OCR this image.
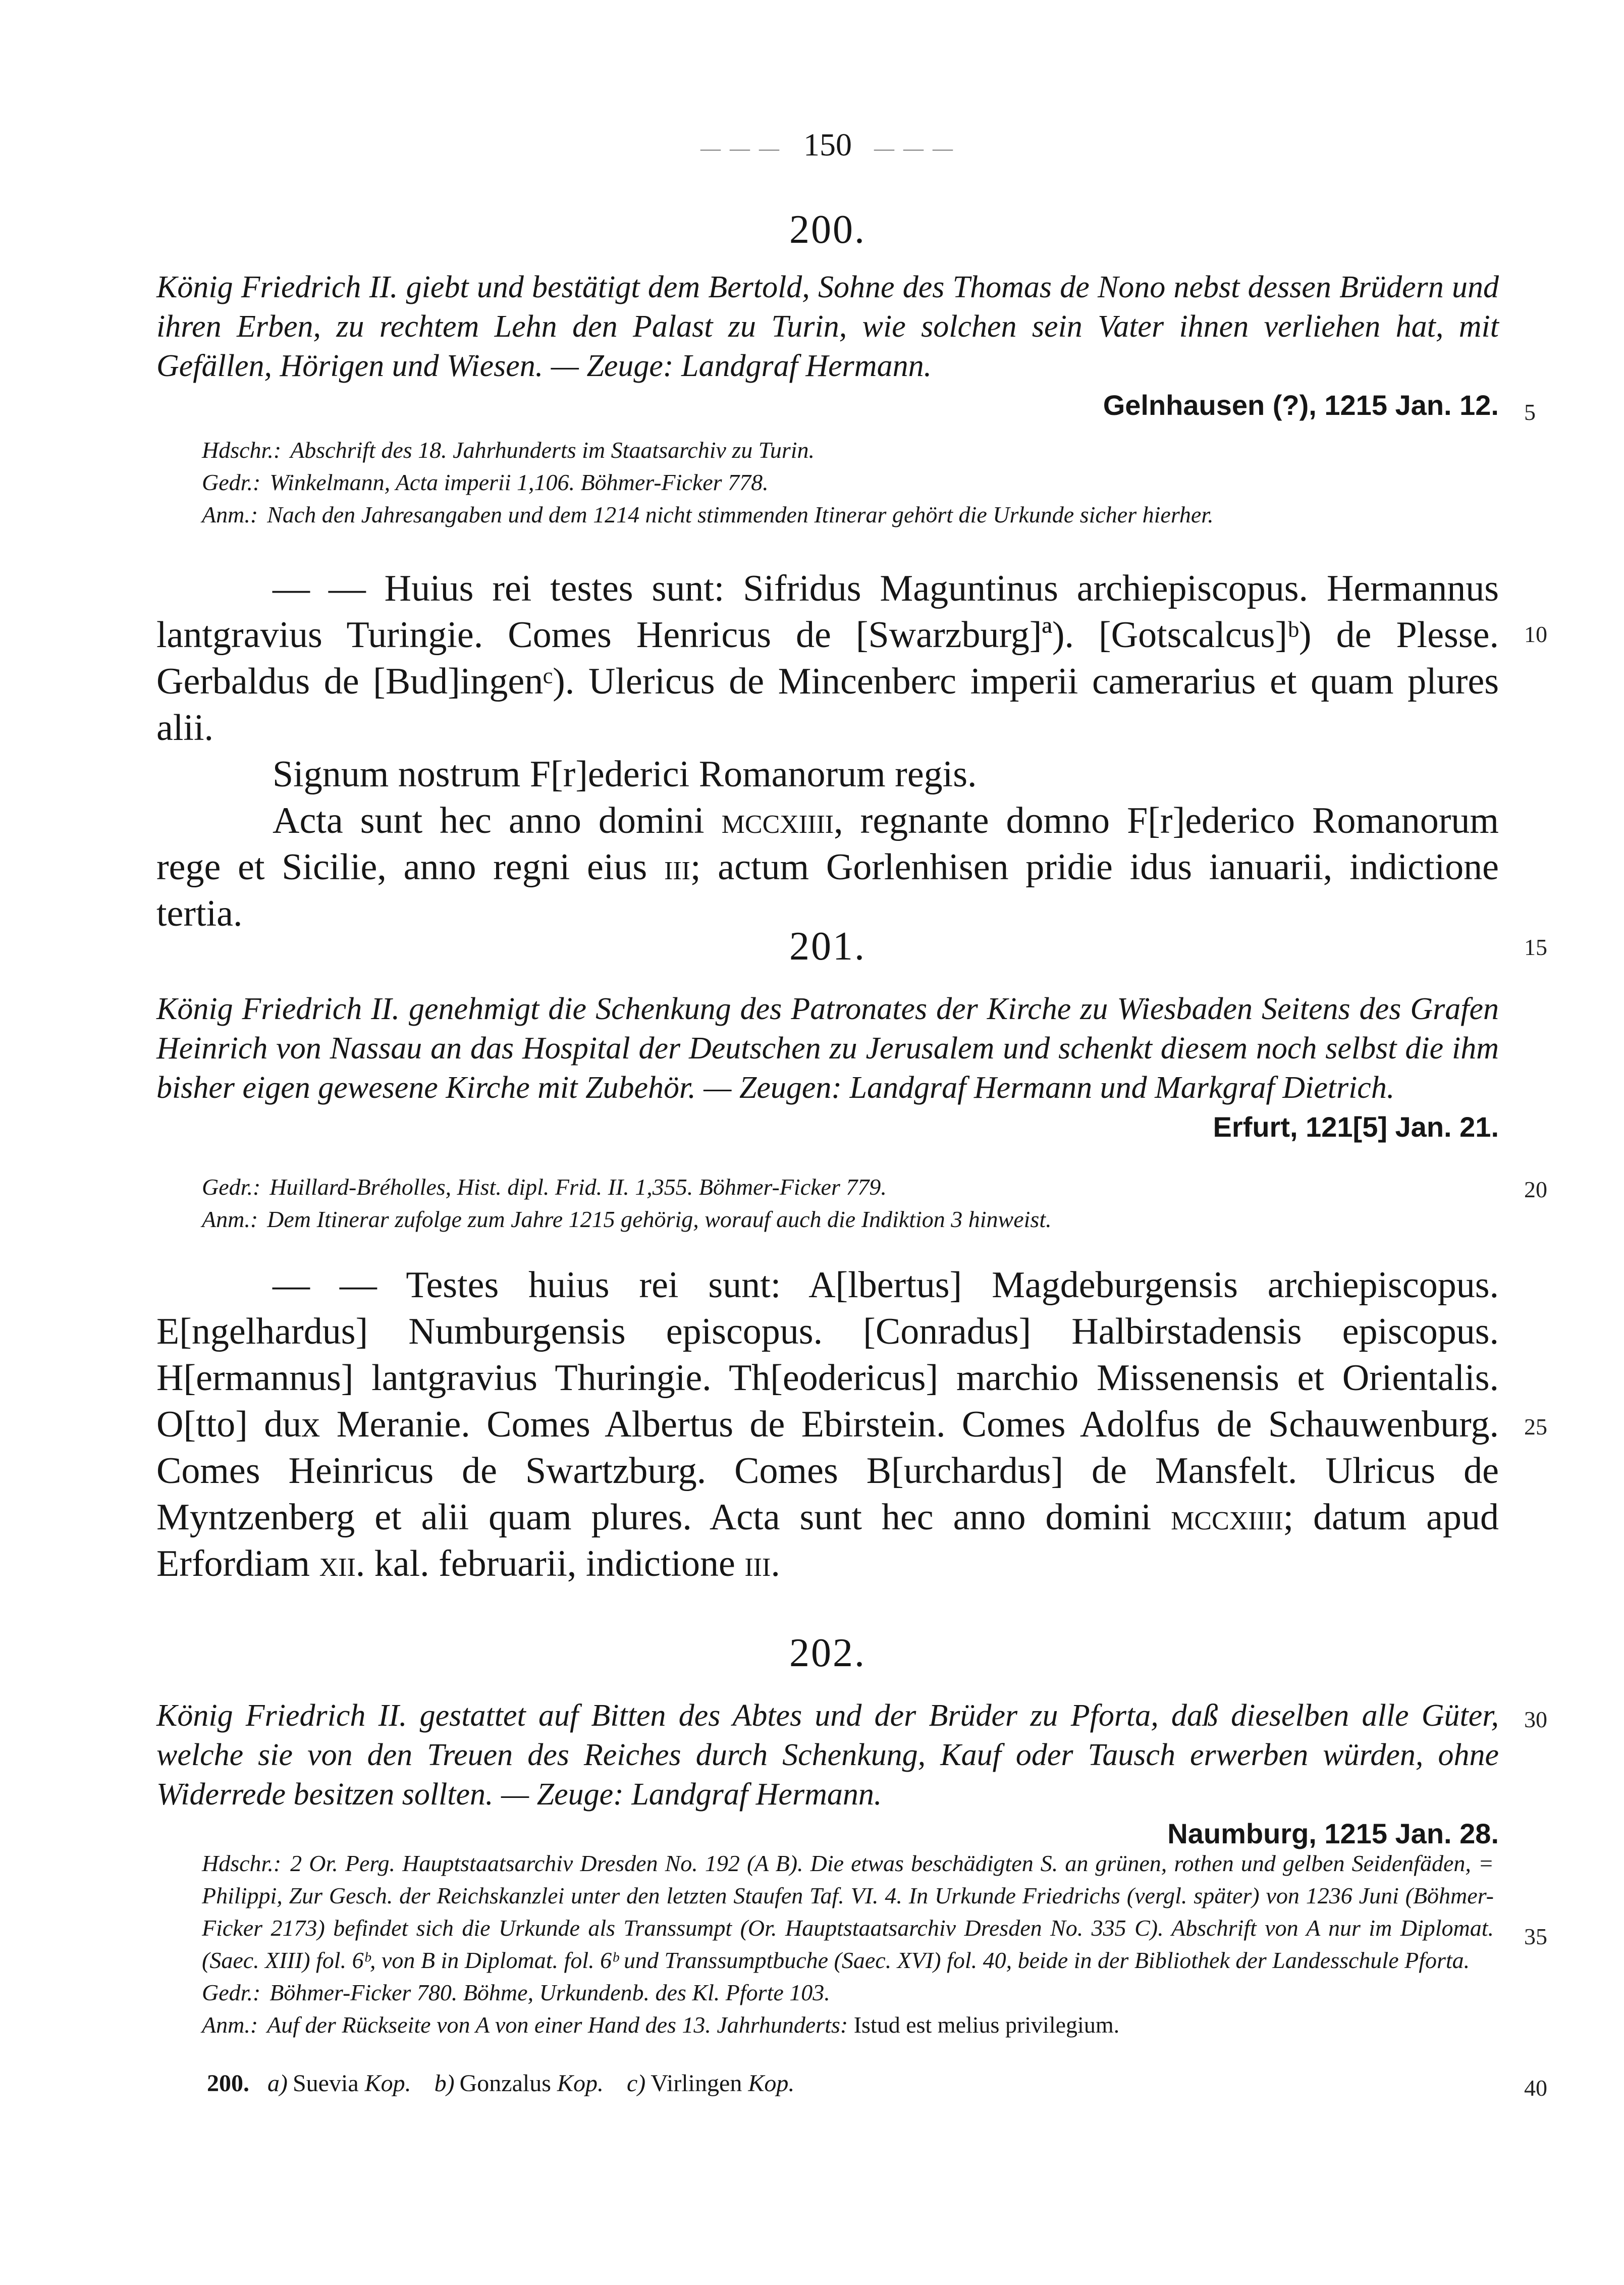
— — —   150   — — —
200.
König Friedrich II. giebt und bestätigt dem Bertold, Sohne des Thomas de Nono nebst dessen Brüdern und ihren Erben, zu rechtem Lehn den Palast zu Turin, wie solchen sein Vater ihnen verliehen hat, mit Gefällen, Hörigen und Wiesen. — Zeuge: Landgraf Hermann.
Gelnhausen (?), 1215 Jan. 12.
Hdschr.: Abschrift des 18. Jahrhunderts im Staatsarchiv zu Turin.
Gedr.: Winkelmann, Acta imperii 1,106. Böhmer-Ficker 778.
Anm.: Nach den Jahresangaben und dem 1214 nicht stimmenden Itinerar gehört die Urkunde sicher hierher.

— — Huius rei testes sunt: Sifridus Maguntinus archiepiscopus. Hermannus lantgravius Turingie. Comes Henricus de [Swarzburg]ª). [Gotscalcus]ᵇ) de Plesse. Gerbaldus de [Bud]ingenᶜ). Ulericus de Mincenberc imperii camerarius et quam plures alii.

Signum nostrum F[r]ederici Romanorum regis.

Acta sunt hec anno domini mccxiiii, regnante domno F[r]ederico Romanorum rege et Sicilie, anno regni eius iii; actum Gorlenhisen pridie idus ianuarii, indictione tertia.

201.
König Friedrich II. genehmigt die Schenkung des Patronates der Kirche zu Wiesbaden Seitens des Grafen Heinrich von Nassau an das Hospital der Deutschen zu Jerusalem und schenkt diesem noch selbst die ihm bisher eigen gewesene Kirche mit Zubehör. — Zeugen: Landgraf Hermann und Markgraf Dietrich.
Erfurt, 121[5] Jan. 21.
Gedr.: Huillard-Bréholles, Hist. dipl. Frid. II. 1,355. Böhmer-Ficker 779.
Anm.: Dem Itinerar zufolge zum Jahre 1215 gehörig, worauf auch die Indiktion 3 hinweist.

— — Testes huius rei sunt: A[lbertus] Magdeburgensis archiepiscopus. E[ngelhardus] Numburgensis episcopus. [Conradus] Halbirstadensis episcopus. H[ermannus] lantgravius Thuringie. Th[eodericus] marchio Missenensis et Orientalis. O[tto] dux Meranie. Comes Albertus de Ebirstein. Comes Adolfus de Schauwenburg. Comes Heinricus de Swartzburg. Comes B[urchardus] de Mansfelt. Ulricus de Myntzenberg et alii quam plures. Acta sunt hec anno domini mccxiiii; datum apud Erfordiam xii. kal. februarii, indictione iii.

202.
König Friedrich II. gestattet auf Bitten des Abtes und der Brüder zu Pforta, daß dieselben alle Güter, welche sie von den Treuen des Reiches durch Schenkung, Kauf oder Tausch erwerben würden, ohne Widerrede besitzen sollten. — Zeuge: Landgraf Hermann.
Naumburg, 1215 Jan. 28.
Hdschr.: 2 Or. Perg. Hauptstaatsarchiv Dresden No. 192 (A B). Die etwas beschädigten S. an grünen, rothen und gelben Seidenfäden, = Philippi, Zur Gesch. der Reichskanzlei unter den letzten Staufen Taf. VI. 4. In Urkunde Friedrichs (vergl. später) von 1236 Juni (Böhmer-Ficker 2173) befindet sich die Urkunde als Transsumpt (Or. Hauptstaatsarchiv Dresden No. 335 C). Abschrift von A nur im Diplomat. (Saec. XIII) fol. 6ᵇ, von B in Diplomat. fol. 6ᵇ und Transsumptbuche (Saec. XVI) fol. 40, beide in der Bibliothek der Landesschule Pforta.
Gedr.: Böhmer-Ficker 780. Böhme, Urkundenb. des Kl. Pforte 103.
Anm.: Auf der Rückseite von A von einer Hand des 13. Jahrhunderts: Istud est melius privilegium.
200. a) Suevia Kop. b) Gonzalus Kop. c) Virlingen Kop.
5
10
15
20
25
30
35
40
